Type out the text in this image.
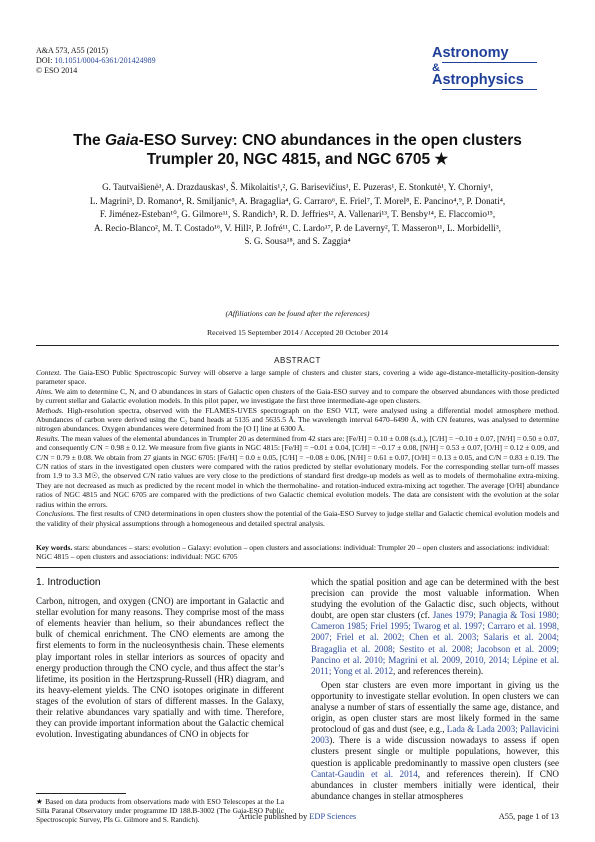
A&A 573, A55 (2015)
DOI: 10.1051/0004-6361/201424989
© ESO 2014
Astronomy
&
Astrophysics
The Gaia-ESO Survey: CNO abundances in the open clusters
Trumpler 20, NGC 4815, and NGC 6705 ★
G. Tautvaišienė¹, A. Drazdauskas¹, Š. Mikolaitis¹,², G. Barisevičius¹, E. Puzeras¹, E. Stonkutė¹, Y. Chorniy¹,
L. Magrini³, D. Romano⁴, R. Smiljanic⁵, A. Bragaglia⁴, G. Carraro⁶, E. Friel⁷, T. Morel⁸, E. Pancino⁴,⁹, P. Donati⁴,
F. Jiménez-Esteban¹⁰, G. Gilmore¹¹, S. Randich³, R. D. Jeffries¹², A. Vallenari¹³, T. Bensby¹⁴, E. Flaccomio¹⁵,
A. Recio-Blanco², M. T. Costado¹⁶, V. Hill², P. Jofré¹¹, C. Lardo¹⁷, P. de Laverny², T. Masseron¹¹, L. Morbidelli³,
S. G. Sousa¹⁸, and S. Zaggia⁴
(Affiliations can be found after the references)
Received 15 September 2014 / Accepted 20 October 2014
ABSTRACT

Context. The Gaia-ESO Public Spectroscopic Survey will observe a large sample of clusters and cluster stars, covering a wide age-distance-metallicity-position-density parameter space.

Aims. We aim to determine C, N, and O abundances in stars of Galactic open clusters of the Gaia-ESO survey and to compare the observed abundances with those predicted by current stellar and Galactic evolution models. In this pilot paper, we investigate the first three intermediate-age open clusters.

Methods. High-resolution spectra, observed with the FLAMES-UVES spectrograph on the ESO VLT, were analysed using a differential model atmosphere method. Abundances of carbon were derived using the C₂ band heads at 5135 and 5635.5 Å. The wavelength interval 6470–6490 Å, with CN features, was analysed to determine nitrogen abundances. Oxygen abundances were determined from the [O I] line at 6300 Å.

Results. The mean values of the elemental abundances in Trumpler 20 as determined from 42 stars are: [Fe/H] = 0.10 ± 0.08 (s.d.), [C/H] = −0.10 ± 0.07, [N/H] = 0.50 ± 0.07, and consequently C/N = 0.98 ± 0.12. We measure from five giants in NGC 4815: [Fe/H] = −0.01 ± 0.04, [C/H] = −0.17 ± 0.08, [N/H] = 0.53 ± 0.07, [O/H] = 0.12 ± 0.09, and C/N = 0.79 ± 0.08. We obtain from 27 giants in NGC 6705: [Fe/H] = 0.0 ± 0.05, [C/H] = −0.08 ± 0.06, [N/H] = 0.61 ± 0.07, [O/H] = 0.13 ± 0.05, and C/N = 0.83 ± 0.19. The C/N ratios of stars in the investigated open clusters were compared with the ratios predicted by stellar evolutionary models. For the corresponding stellar turn-off masses from 1.9 to 3.3 M☉, the observed C/N ratio values are very close to the predictions of standard first dredge-up models as well as to models of thermohaline extra-mixing. They are not decreased as much as predicted by the recent model in which the thermohaline- and rotation-induced extra-mixing act together. The average [O/H] abundance ratios of NGC 4815 and NGC 6705 are compared with the predictions of two Galactic chemical evolution models. The data are consistent with the evolution at the solar radius within the errors.

Conclusions. The first results of CNO determinations in open clusters show the potential of the Gaia-ESO Survey to judge stellar and Galactic chemical evolution models and the validity of their physical assumptions through a homogeneous and detailed spectral analysis.

Key words. stars: abundances – stars: evolution – Galaxy: evolution – open clusters and associations: individual: Trumpler 20 – open clusters and associations: individual: NGC 4815 – open clusters and associations: individual: NGC 6705
1. Introduction

Carbon, nitrogen, and oxygen (CNO) are important in Galactic and stellar evolution for many reasons. They comprise most of the mass of elements heavier than helium, so their abundances reflect the bulk of chemical enrichment. The CNO elements are among the first elements to form in the nucleosynthesis chain. These elements play important roles in stellar interiors as sources of opacity and energy production through the CNO cycle, and thus affect the star’s lifetime, its position in the Hertzsprung-Russell (HR) diagram, and its heavy-element yields. The CNO isotopes originate in different stages of the evolution of stars of different masses. In the Galaxy, their relative abundances vary spatially and with time. Therefore, they can provide important information about the Galactic chemical evolution. Investigating abundances of CNO in objects for

★ Based on data products from observations made with ESO Telescopes at the La Silla Paranal Observatory under programme ID 188.B-3002 (The Gaia-ESO Public Spectroscopic Survey, PIs G. Gilmore and S. Randich).

which the spatial position and age can be determined with the best precision can provide the most valuable information. When studying the evolution of the Galactic disc, such objects, without doubt, are open star clusters (cf. Janes 1979; Panagia & Tosi 1980; Cameron 1985; Friel 1995; Twarog et al. 1997; Carraro et al. 1998, 2007; Friel et al. 2002; Chen et al. 2003; Salaris et al. 2004; Bragaglia et al. 2008; Sestito et al. 2008; Jacobson et al. 2009; Pancino et al. 2010; Magrini et al. 2009, 2010, 2014; Lépine et al. 2011; Yong et al. 2012, and references therein).

Open star clusters are even more important in giving us the opportunity to investigate stellar evolution. In open clusters we can analyse a number of stars of essentially the same age, distance, and origin, as open cluster stars are most likely formed in the same protocloud of gas and dust (see, e.g., Lada & Lada 2003; Pallavicini 2003). There is a wide discussion nowadays to assess if open clusters present single or multiple populations, however, this question is applicable predominantly to massive open clusters (see Cantat-Gaudin et al. 2014, and references therein). If CNO abundances in cluster members initially were identical, their abundance changes in stellar atmospheres

Article published by EDP Sciences	A55, page 1 of 13
